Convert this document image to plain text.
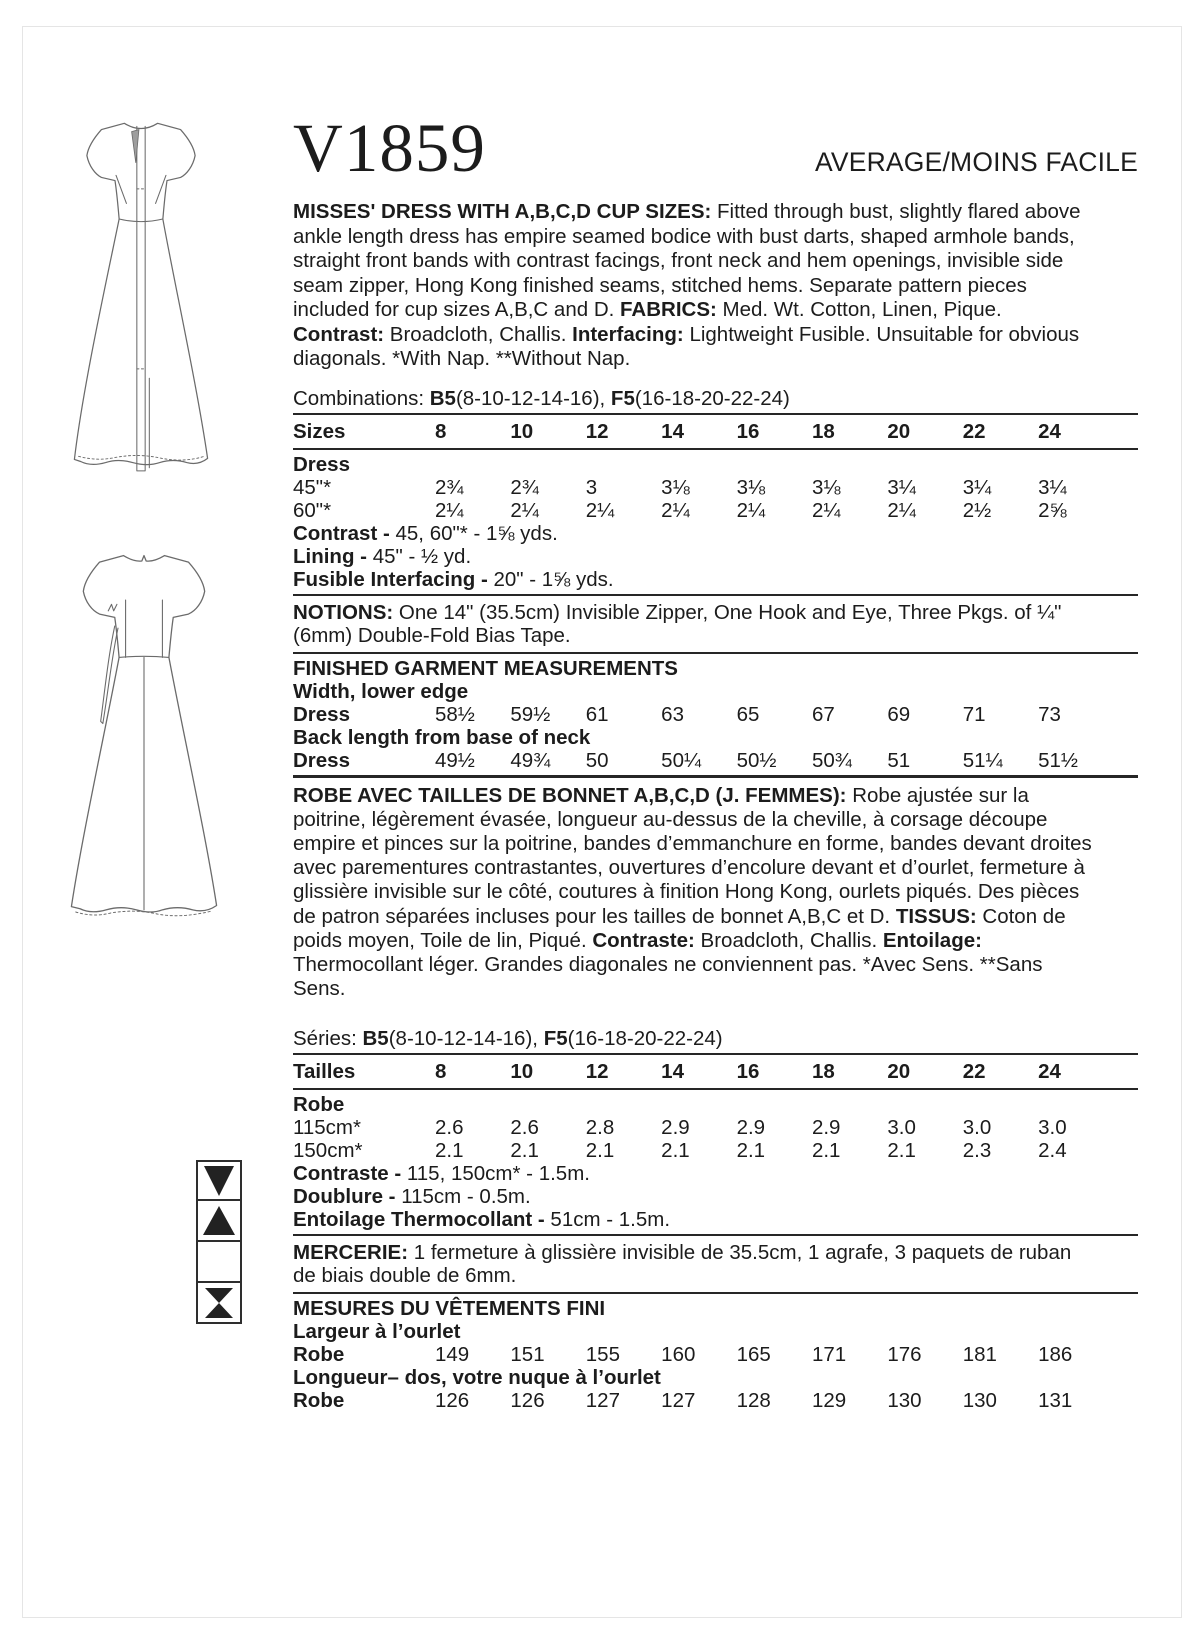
V1859	AVERAGE/MOINS FACILE

MISSES' DRESS WITH A,B,C,D CUP SIZES: Fitted through bust, slightly flared above ankle length dress has empire seamed bodice with bust darts, shaped armhole bands, straight front bands with contrast facings, front neck and hem openings, invisible side seam zipper, Hong Kong finished seams, stitched hems. Separate pattern pieces included for cup sizes A,B,C and D. FABRICS: Med. Wt. Cotton, Linen, Pique. Contrast: Broadcloth, Challis. Interfacing: Lightweight Fusible. Unsuitable for obvious diagonals. *With Nap. **Without Nap.

Combinations: B5(8-10-12-14-16), F5(16-18-20-22-24)
Sizes	8	10	12	14	16	18	20	22	24
Dress
45"*	2¾	2¾	3	3⅛	3⅛	3⅛	3¼	3¼	3¼
60"*	2¼	2¼	2¼	2¼	2¼	2¼	2¼	2½	2⅝
Contrast - 45, 60"* - 1⅝ yds.
Lining - 45" - ½ yd.
Fusible Interfacing - 20" - 1⅝ yds.

NOTIONS: One 14" (35.5cm) Invisible Zipper, One Hook and Eye, Three Pkgs. of ¼" (6mm) Double-Fold Bias Tape.

FINISHED GARMENT MEASUREMENTS
Width, lower edge
Dress	58½	59½	61	63	65	67	69	71	73
Back length from base of neck
Dress	49½	49¾	50	50¼	50½	50¾	51	51¼	51½

ROBE AVEC TAILLES DE BONNET A,B,C,D (J. FEMMES): Robe ajustée sur la poitrine, légèrement évasée, longueur au-dessus de la cheville, à corsage découpe empire et pinces sur la poitrine, bandes d’emmanchure en forme, bandes devant droites avec parementures contrastantes, ouvertures d’encolure devant et d’ourlet, fermeture à glissière invisible sur le côté, coutures à finition Hong Kong, ourlets piqués. Des pièces de patron séparées incluses pour les tailles de bonnet A,B,C et D. TISSUS: Coton de poids moyen, Toile de lin, Piqué. Contraste: Broadcloth, Challis. Entoilage: Thermocollant léger. Grandes diagonales ne conviennent pas. *Avec Sens. **Sans Sens.

Séries: B5(8-10-12-14-16), F5(16-18-20-22-24)
Tailles	8	10	12	14	16	18	20	22	24
Robe
115cm*	2.6	2.6	2.8	2.9	2.9	2.9	3.0	3.0	3.0
150cm*	2.1	2.1	2.1	2.1	2.1	2.1	2.1	2.3	2.4
Contraste - 115, 150cm* - 1.5m.
Doublure - 115cm - 0.5m.
Entoilage Thermocollant - 51cm - 1.5m.

MERCERIE: 1 fermeture à glissière invisible de 35.5cm, 1 agrafe, 3 paquets de ruban de biais double de 6mm.

MESURES DU VÊTEMENTS FINI
Largeur à l’ourlet
Robe	149	151	155	160	165	171	176	181	186
Longueur– dos, votre nuque à l’ourlet
Robe	126	126	127	127	128	129	130	130	131
